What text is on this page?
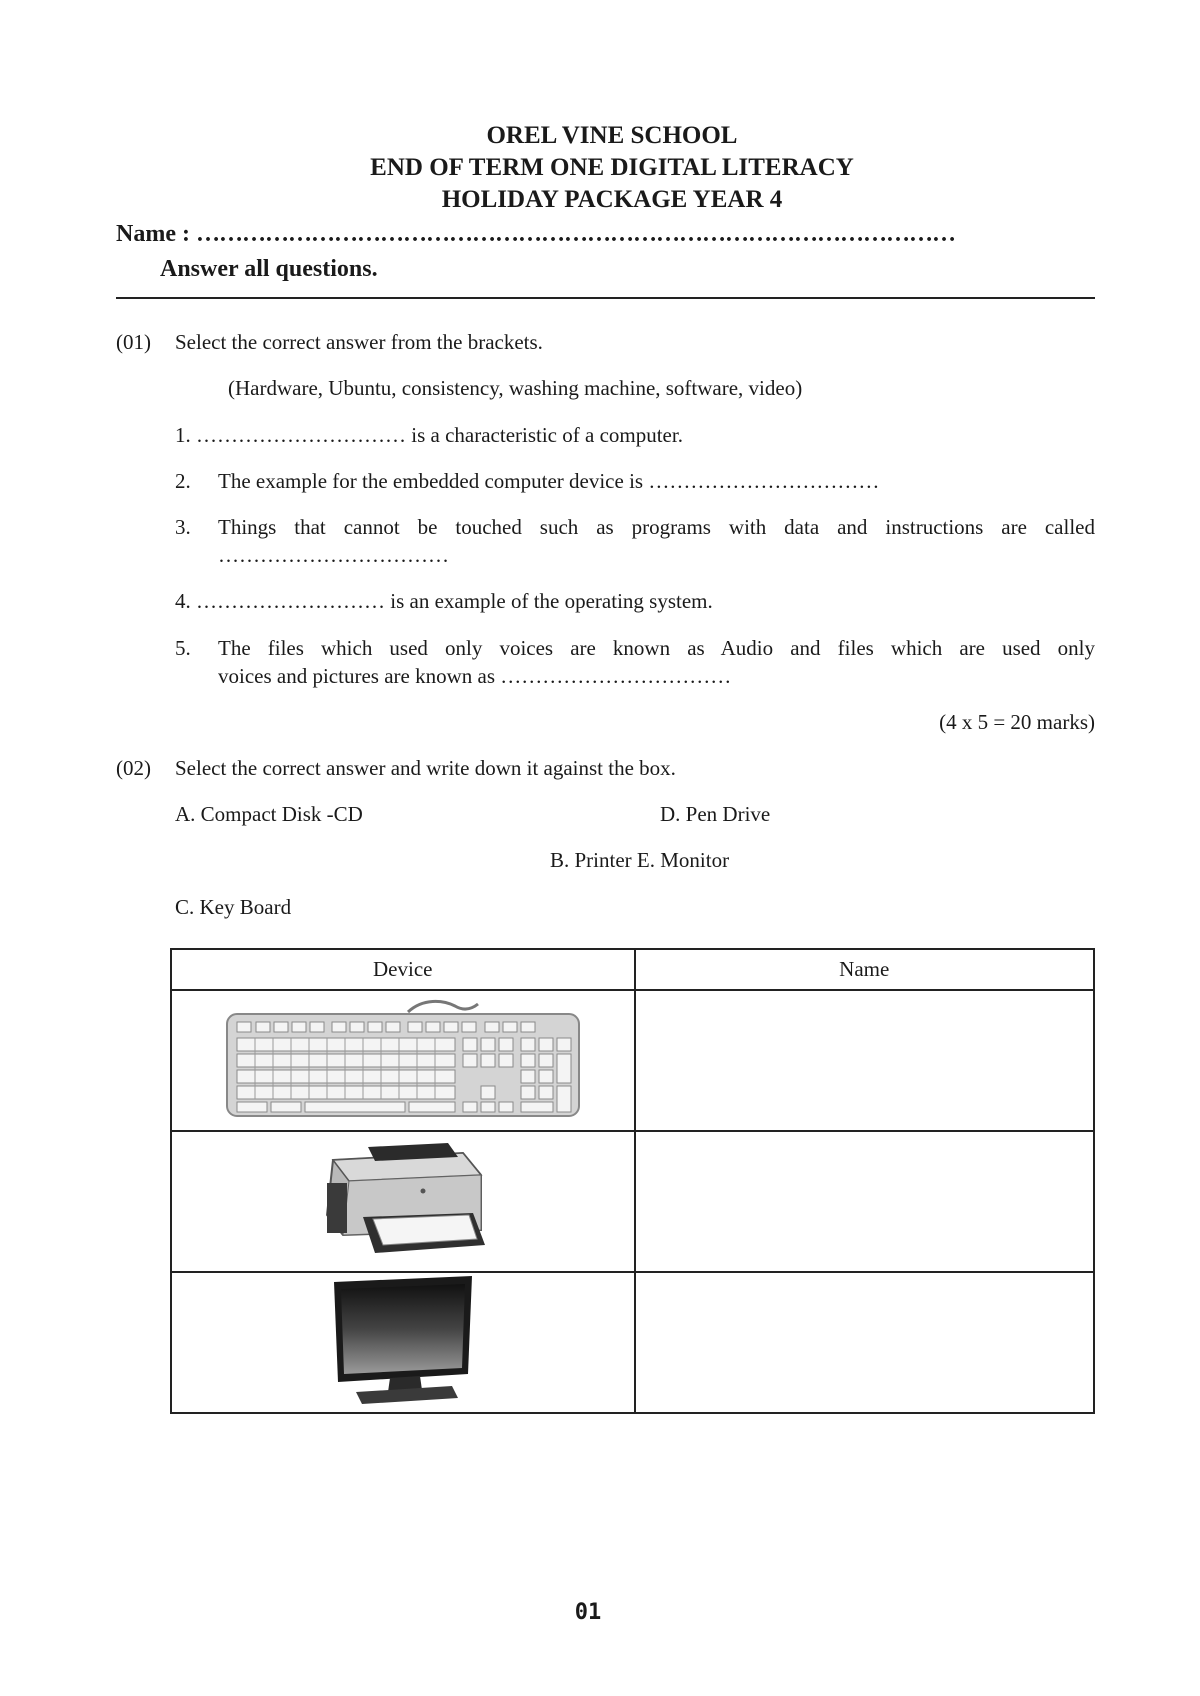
OREL VINE SCHOOL
END OF TERM ONE DIGITAL LITERACY
HOLIDAY PACKAGE YEAR 4
Name : ………………………………………………………………………………………
Answer all questions.
(01) Select the correct answer from the brackets.
(Hardware, Ubuntu, consistency, washing machine, software, video)
1. ………………………… is a characteristic of a computer.
2. The example for the embedded computer device is ……………………………
3. Things that cannot be touched such as programs with data and instructions are called
……………………………
4. ……………………… is an example of the operating system.
5. The files which used only voices are known as Audio and files which are used only
voices and pictures are known as ……………………………
(4 x 5 = 20 marks)
(02) Select the correct answer and write down it against the box.
A. Compact Disk -CD	D. Pen Drive
B. Printer E. Monitor
C. Key Board
Device	Name

01
